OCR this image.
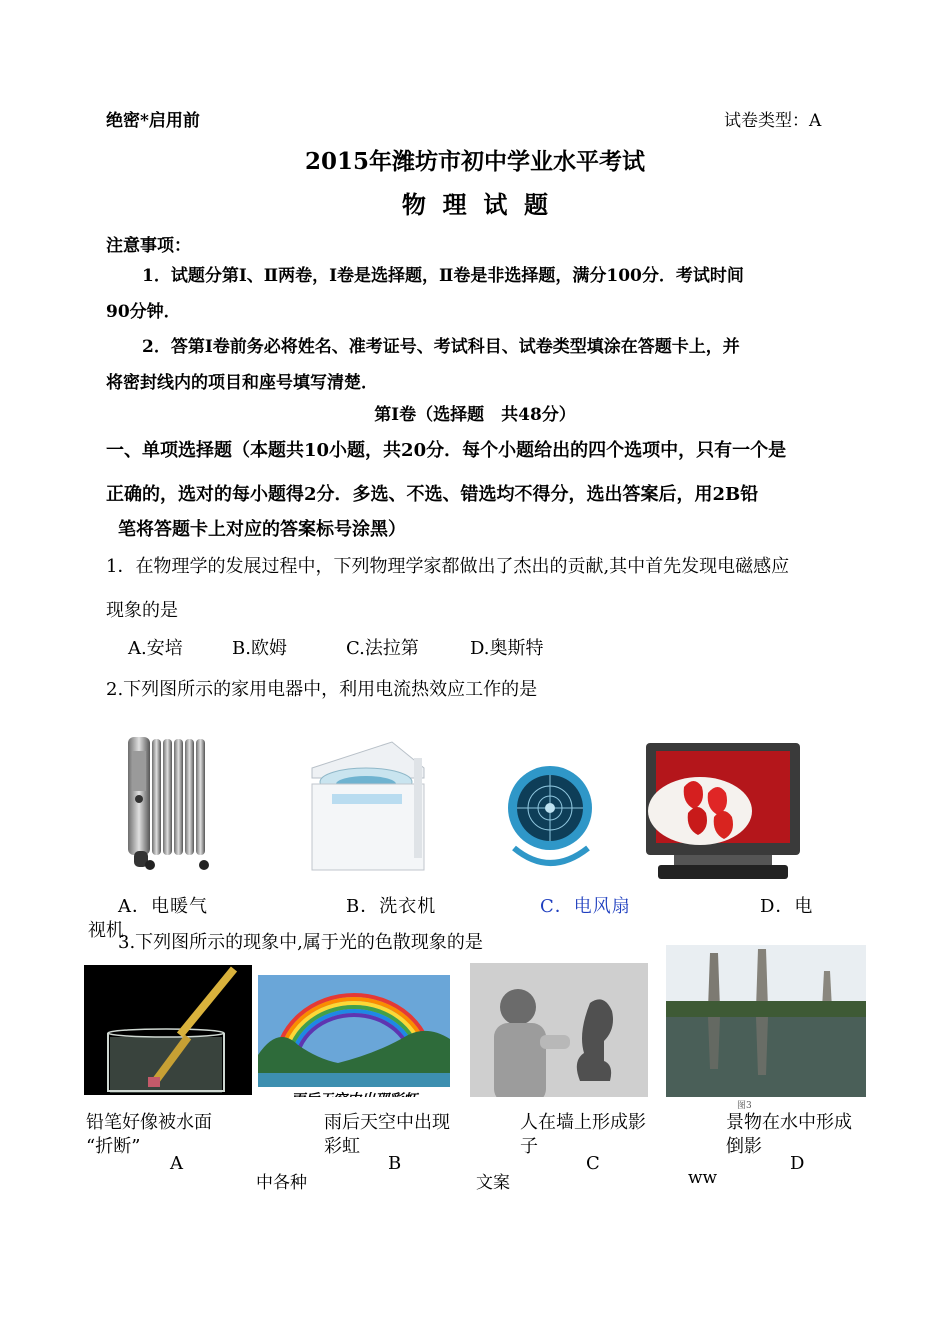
绝密*启用前	试卷类型：A
2015年潍坊市初中学业水平考试
物  理  试  题
注意事项：
1．试题分第Ⅰ、Ⅱ两卷，I卷是选择题，Ⅱ卷是非选择题，满分100分．考试时间
90分钟．
2．答第Ⅰ卷前务必将姓名、准考证号、考试科目、试卷类型填涂在答题卡上，并
将密封线内的项目和座号填写清楚．
第Ⅰ卷（选择题　共48分）
一、单项选择题（本题共10小题，共20分．每个小题给出的四个选项中，只有一个是
正确的，选对的每小题得2分．多选、不选、错选均不得分，选出答案后，用2B铅
笔将答题卡上对应的答案标号涂黑）
1．在物理学的发展过程中，下列物理学家都做出了杰出的贡献,其中首先发现电磁感应
现象的是
A.安培	B.欧姆	C.法拉第	D.奥斯特
2.下列图所示的家用电器中，利用电流热效应工作的是
A．电暖气	B．洗衣机	C．电风扇	D．电
视机
3.下列图所示的现象中,属于光的色散现象的是
铅笔好像被水面
“折断”
雨后天空中出现
彩虹
人在墙上形成影
子
景物在水中形成
倒影
图3
A	B	C	D
中各种	文案	ww
